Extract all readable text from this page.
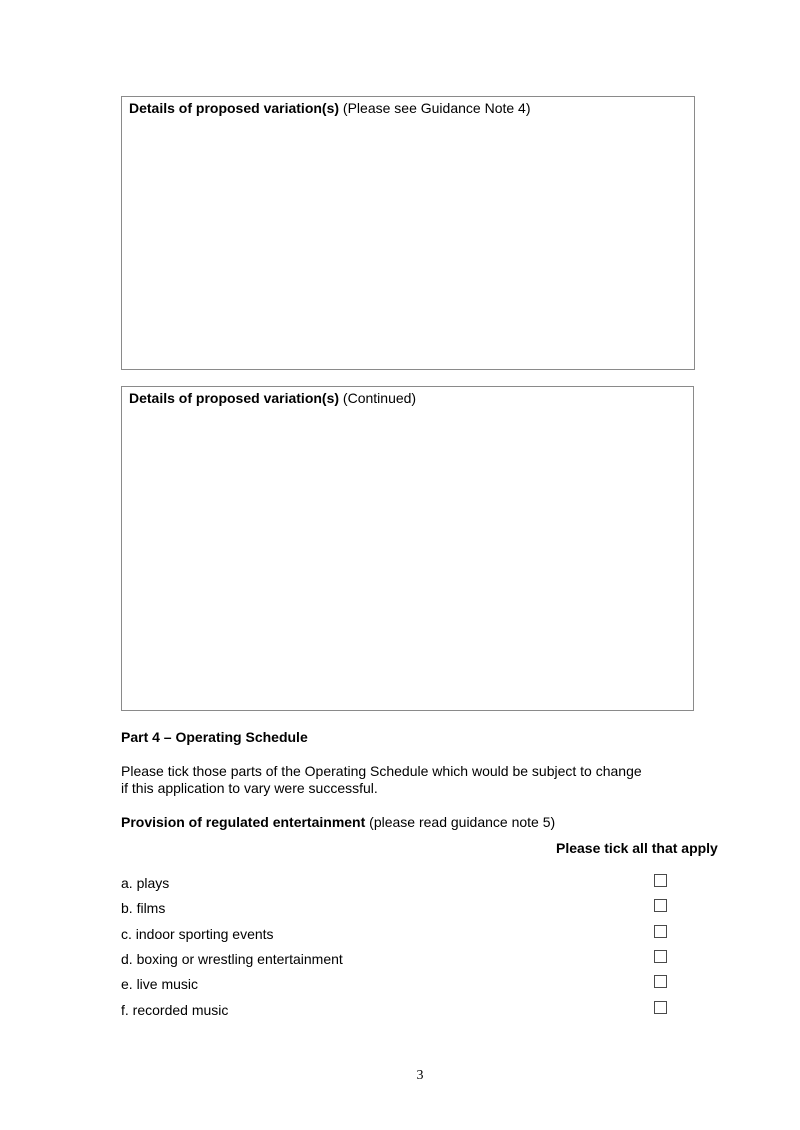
Details of proposed variation(s) (Please see Guidance Note 4)
Details of proposed variation(s) (Continued)
Part 4 – Operating Schedule

Please tick those parts of the Operating Schedule which would be subject to change

if this application to vary were successful.

Provision of regulated entertainment (please read guidance note 5)
Please tick all that apply
a. plays
b. films
c. indoor sporting events
d. boxing or wrestling entertainment
e. live music
f. recorded music
3
